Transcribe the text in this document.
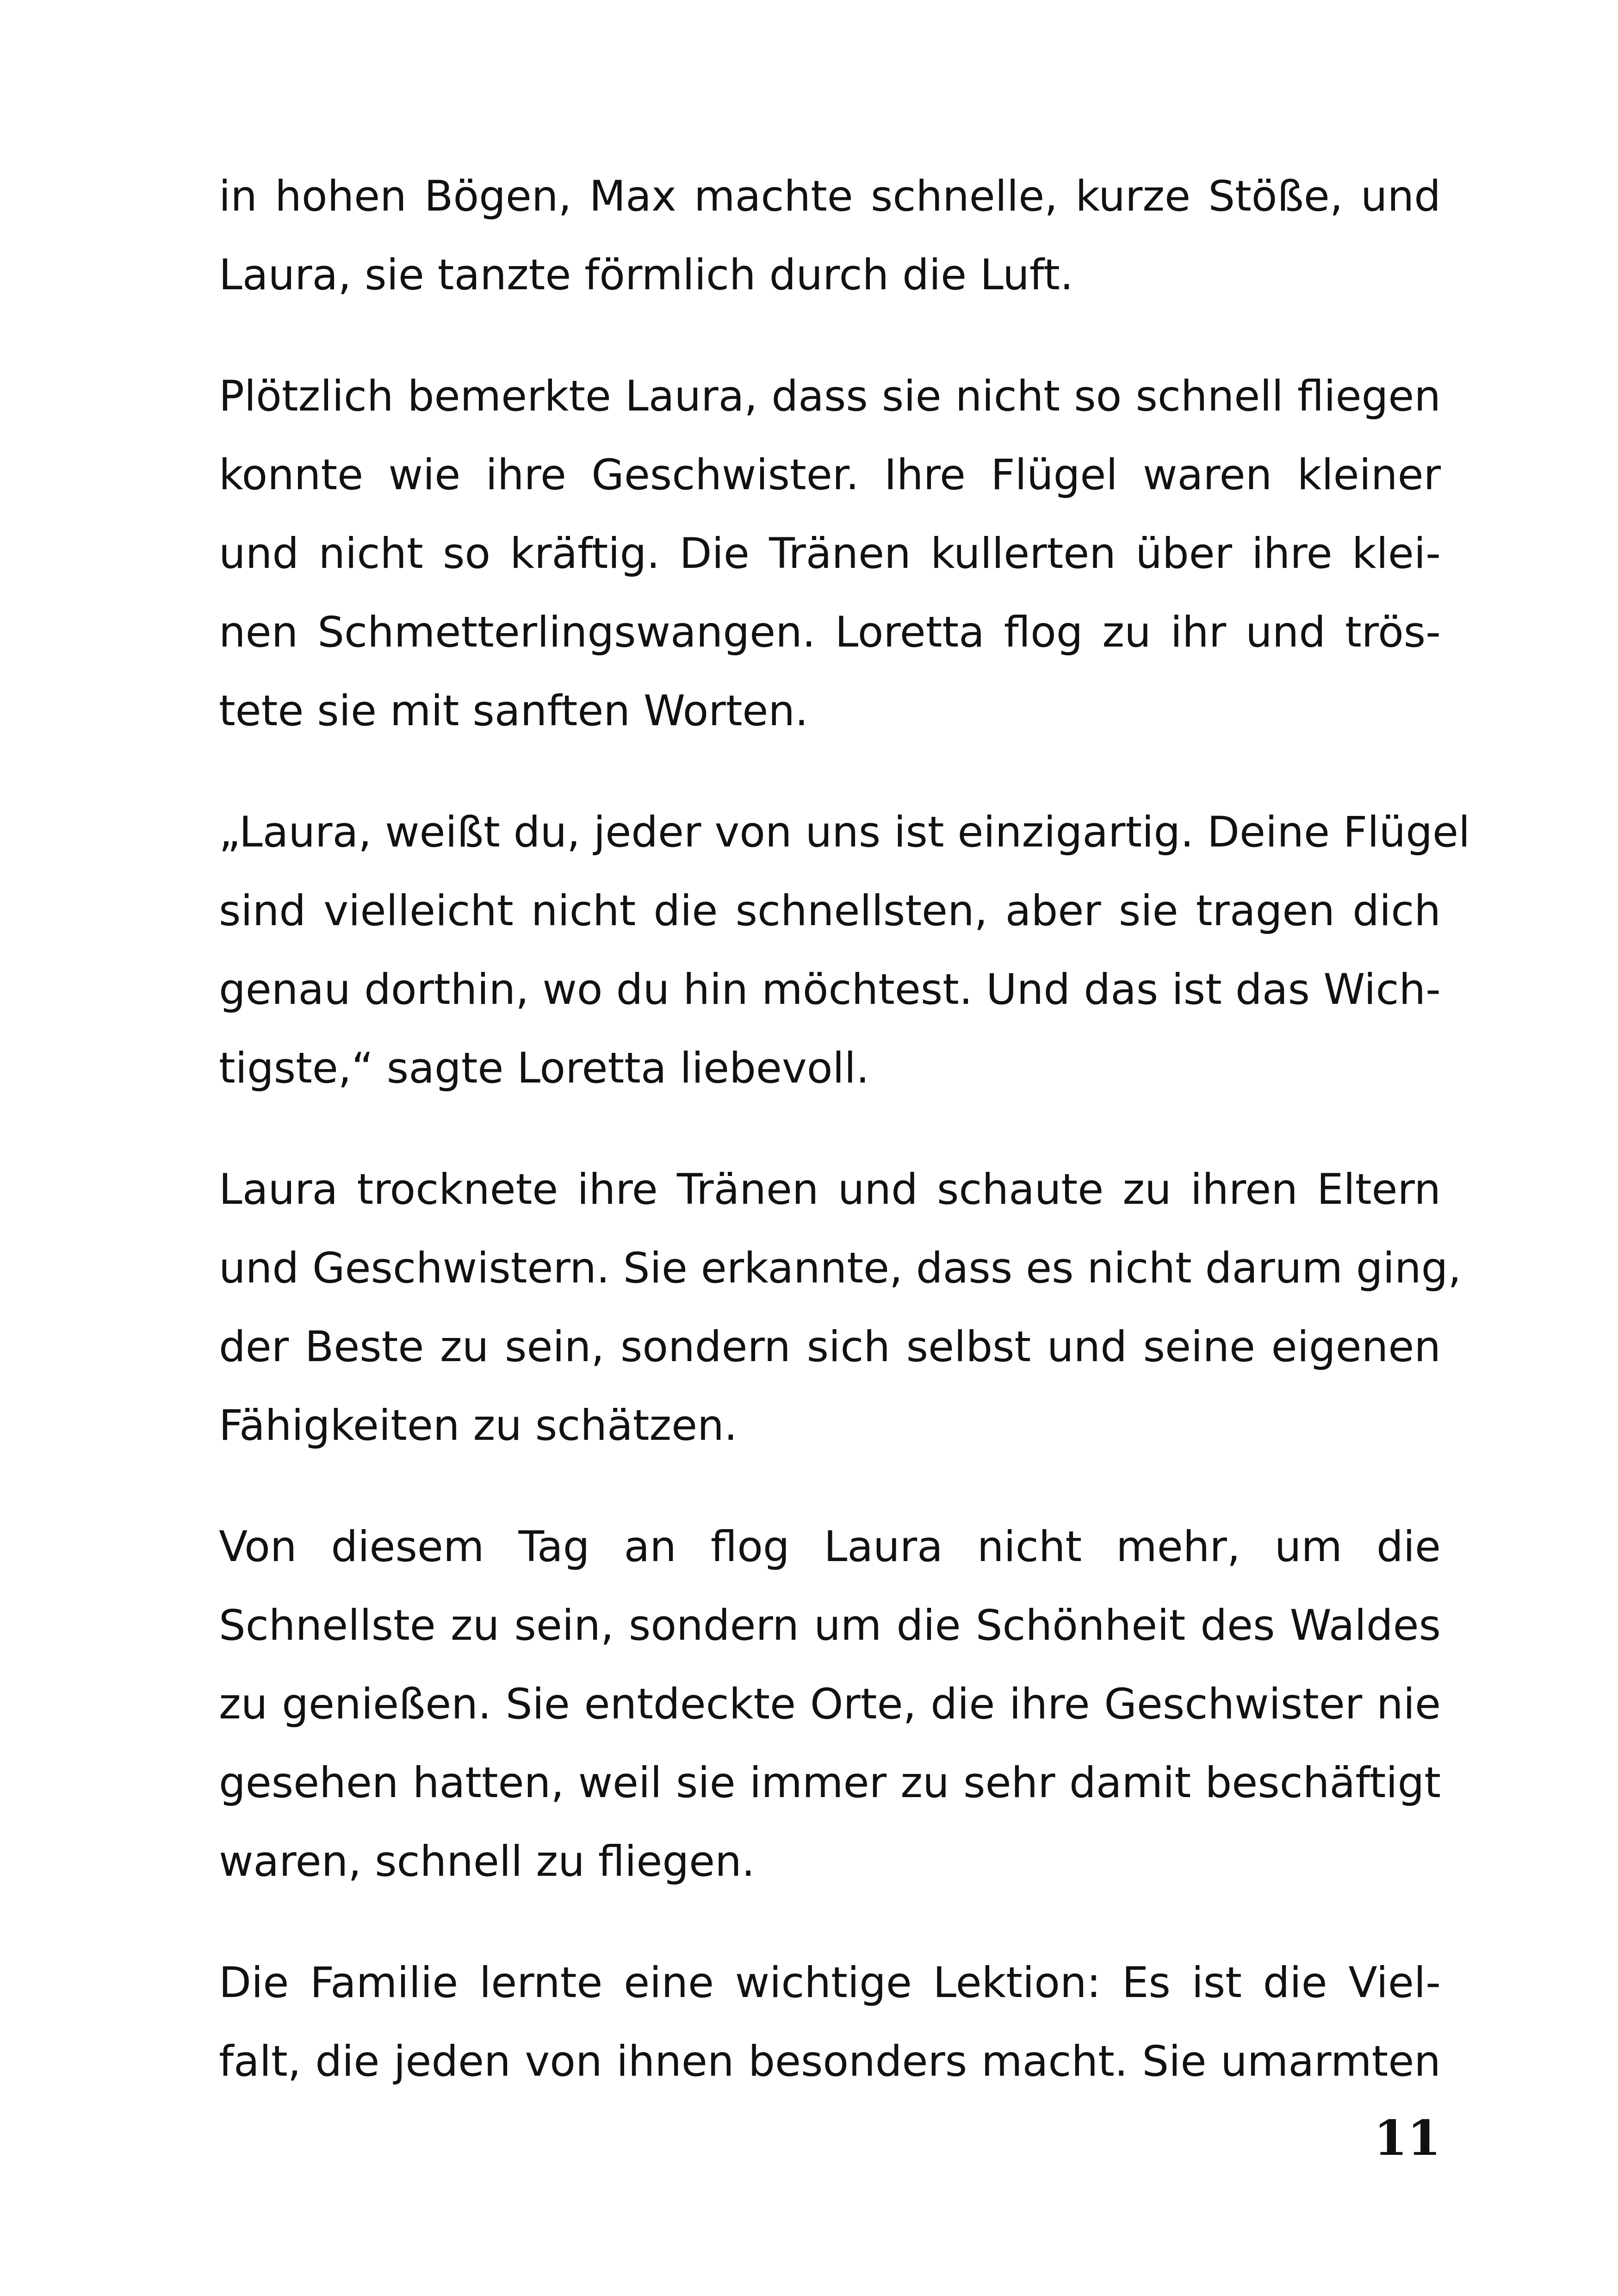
in hohen Bögen, Max machte schnelle, kurze Stöße, und
Laura, sie tanzte förmlich durch die Luft.

Plötzlich bemerkte Laura, dass sie nicht so schnell fliegen
konnte wie ihre Geschwister. Ihre Flügel waren kleiner
und nicht so kräftig. Die Tränen kullerten über ihre klei-
nen Schmetterlingswangen. Loretta flog zu ihr und trös-
tete sie mit sanften Worten.

„Laura, weißt du, jeder von uns ist einzigartig. Deine Flügel
sind vielleicht nicht die schnellsten, aber sie tragen dich
genau dorthin, wo du hin möchtest. Und das ist das Wich-
tigste,“ sagte Loretta liebevoll.

Laura trocknete ihre Tränen und schaute zu ihren Eltern
und Geschwistern. Sie erkannte, dass es nicht darum ging,
der Beste zu sein, sondern sich selbst und seine eigenen
Fähigkeiten zu schätzen.

Von diesem Tag an flog Laura nicht mehr, um die
Schnellste zu sein, sondern um die Schönheit des Waldes
zu genießen. Sie entdeckte Orte, die ihre Geschwister nie
gesehen hatten, weil sie immer zu sehr damit beschäftigt
waren, schnell zu fliegen.

Die Familie lernte eine wichtige Lektion: Es ist die Viel-
falt, die jeden von ihnen besonders macht. Sie umarmten

11
